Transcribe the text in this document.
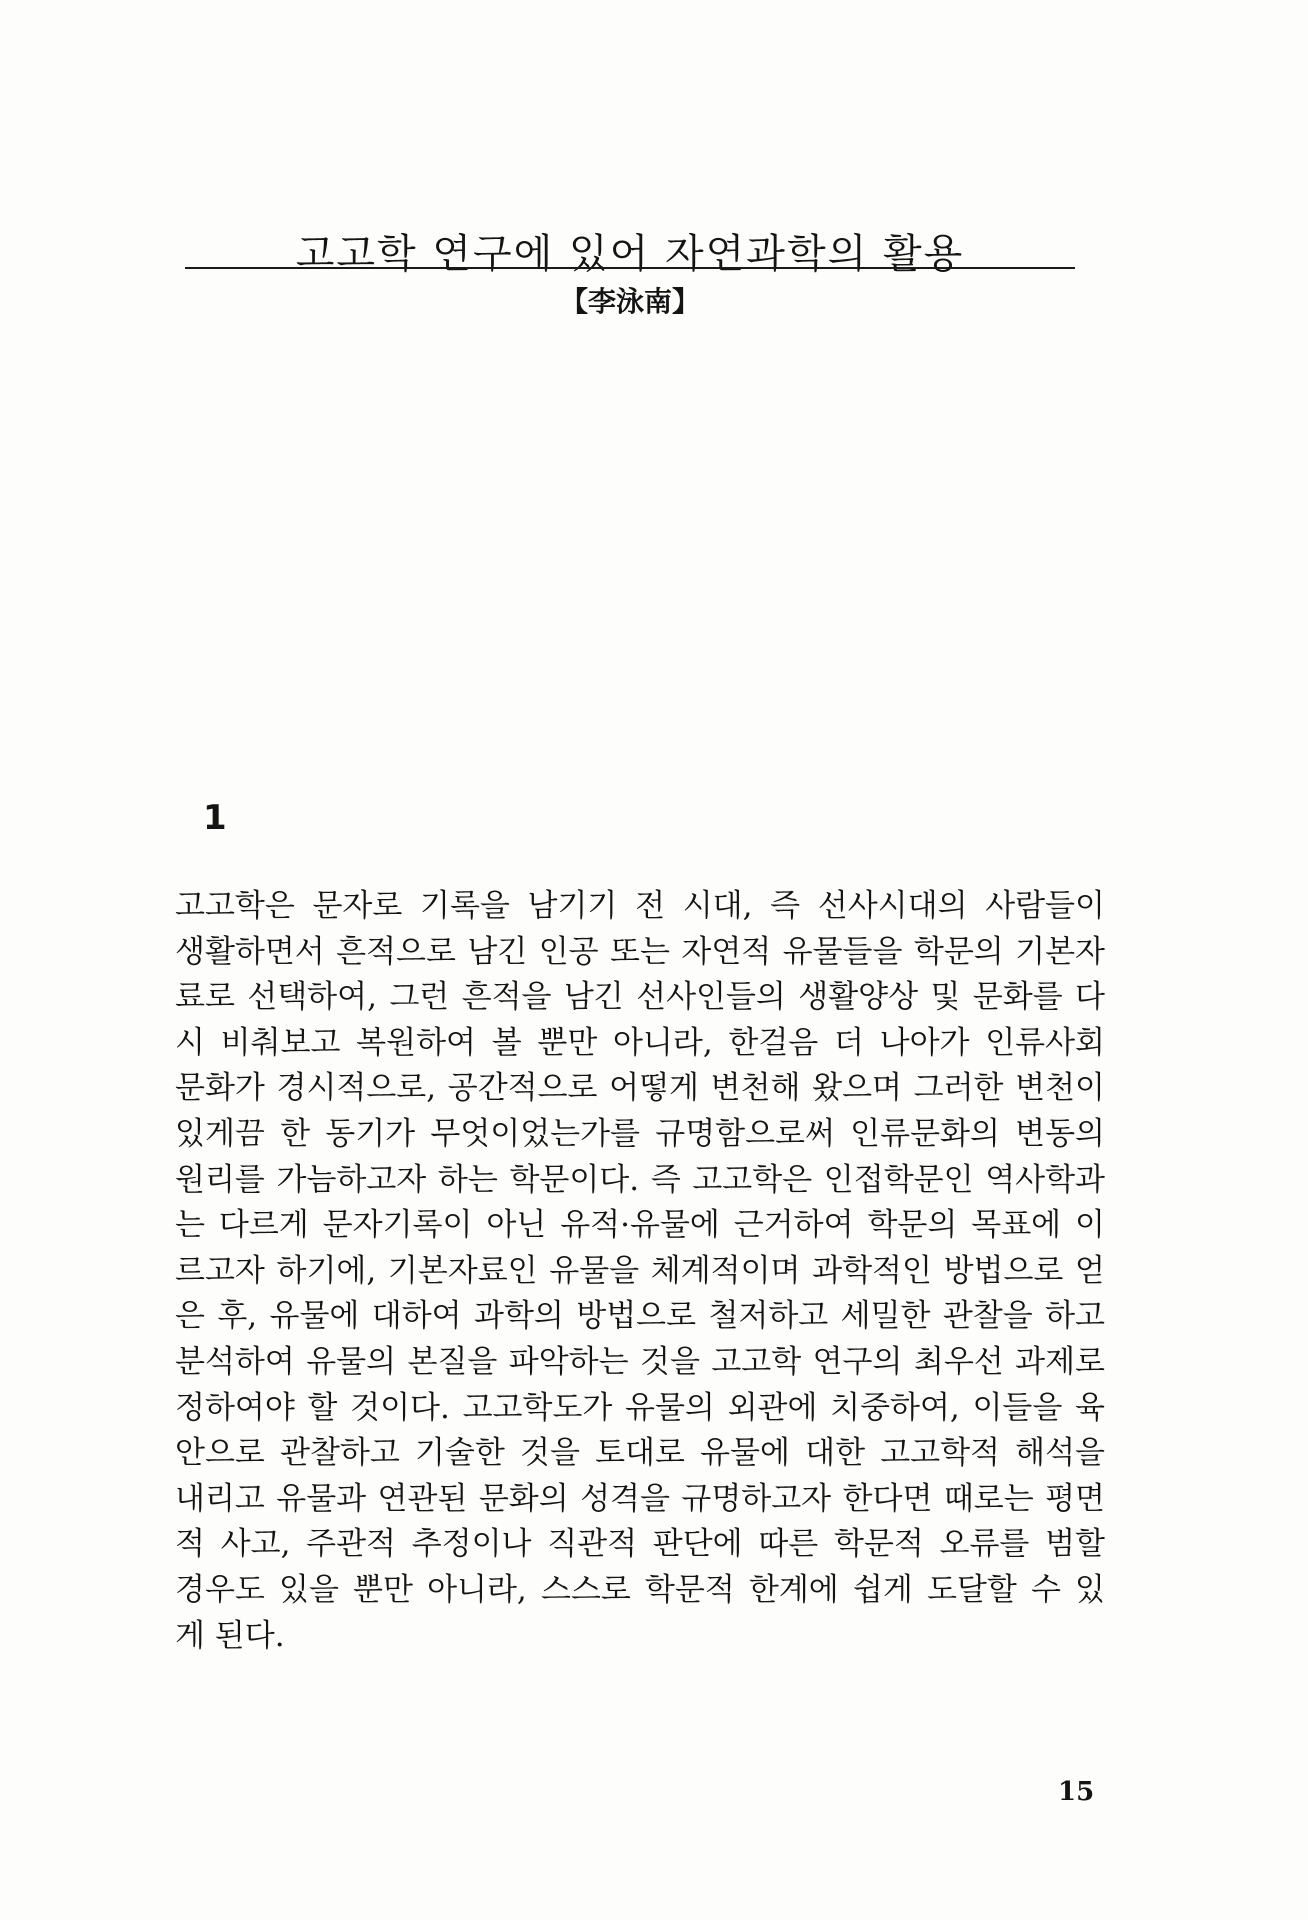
고고학 연구에 있어 자연과학의 활용
【李泳南】
1
고고학은 문자로 기록을 남기기 전 시대, 즉 선사시대의 사람들이
생활하면서 흔적으로 남긴 인공 또는 자연적 유물들을 학문의 기본자
료로 선택하여, 그런 흔적을 남긴 선사인들의 생활양상 및 문화를 다
시 비춰보고 복원하여 볼 뿐만 아니라, 한걸음 더 나아가 인류사회
문화가 경시적으로, 공간적으로 어떻게 변천해 왔으며 그러한 변천이
있게끔 한 동기가 무엇이었는가를 규명함으로써 인류문화의 변동의
원리를 가늠하고자 하는 학문이다. 즉 고고학은 인접학문인 역사학과
는 다르게 문자기록이 아닌 유적·유물에 근거하여 학문의 목표에 이
르고자 하기에, 기본자료인 유물을 체계적이며 과학적인 방법으로 얻
은 후, 유물에 대하여 과학의 방법으로 철저하고 세밀한 관찰을 하고
분석하여 유물의 본질을 파악하는 것을 고고학 연구의 최우선 과제로
정하여야 할 것이다. 고고학도가 유물의 외관에 치중하여, 이들을 육
안으로 관찰하고 기술한 것을 토대로 유물에 대한 고고학적 해석을
내리고 유물과 연관된 문화의 성격을 규명하고자 한다면 때로는 평면
적 사고, 주관적 추정이나 직관적 판단에 따른 학문적 오류를 범할
경우도 있을 뿐만 아니라, 스스로 학문적 한계에 쉽게 도달할 수 있
게 된다.
15
